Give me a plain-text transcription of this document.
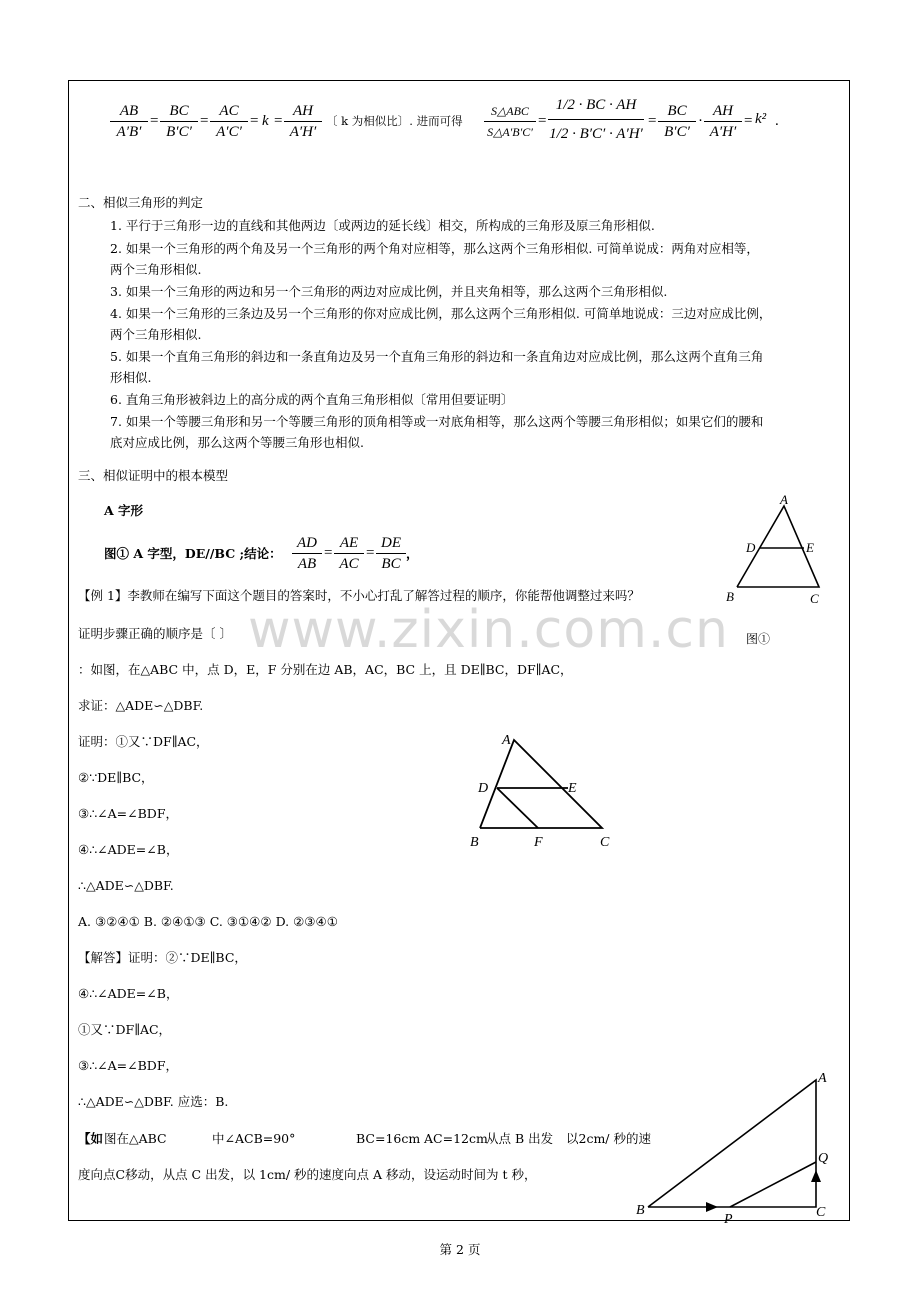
AB
A′B′
=
BC
B′C′
=
AC
A′C′
= k =
AH
A′H′
〔 k 为相似比〕. 进而可得
S△ABC
S△A′B′C′
=
1/2 · BC · AH
1/2 · B′C′ · A′H′
=
BC
B′C′
·
AH
A′H′
= k² .
二、相似三角形的判定
1. 平行于三角形一边的直线和其他两边〔或两边的延长线〕相交，所构成的三角形及原三角形相似.
2. 如果一个三角形的两个角及另一个三角形的两个角对应相等，那么这两个三角形相似. 可简单说成：两角对应相等，
两个三角形相似.
3. 如果一个三角形的两边和另一个三角形的两边对应成比例，并且夹角相等，那么这两个三角形相似.
4. 如果一个三角形的三条边及另一个三角形的你对应成比例，那么这两个三角形相似. 可简单地说成：三边对应成比例，
两个三角形相似.
5. 如果一个直角三角形的斜边和一条直角边及另一个直角三角形的斜边和一条直角边对应成比例，那么这两个直角三角
形相似.
6. 直角三角形被斜边上的高分成的两个直角三角形相似〔常用但要证明〕
7. 如果一个等腰三角形和另一个等腰三角形的顶角相等或一对底角相等，那么这两个等腰三角形相似；如果它们的腰和
底对应成比例，那么这两个等腰三角形也相似.
三、相似证明中的根本模型
A 字形
图① A 字型，DE//BC ;结论：
AD
AB
=
AE
AC
=
DE
BC
，
A
D	E
B	C
图①
www.zixin.com.cn
【例 1】李教师在编写下面这个题目的答案时，不小心打乱了解答过程的顺序，你能帮他调整过来吗？
证明步骤正确的顺序是〔 〕
：如图，在△ABC 中，点 D，E，F 分别在边 AB，AC，BC 上，且 DE∥BC，DF∥AC，
求证：△ADE∽△DBF.
证明：①又∵DF∥AC，
②∵DE∥BC，
③∴∠A=∠BDF，
④∴∠ADE=∠B，
∴△ADE∽△DBF.
A. ③②④① B. ②④①③ C. ③①④② D. ②③④①
【解答】证明：②∵DE∥BC，
④∴∠ADE=∠B，
①又∵DF∥AC，
③∴∠A=∠BDF，
∴△ADE∽△DBF. 应选：B.
A
D	E
B	F	C
【如 图在△ABC	中∠ACB=90°	BC=16cm AC=12cm
从点 B 出发 以2cm/ 秒的速
度向点C移动，从点 C 出发，以 1cm/ 秒的速度向点 A 移动，设运动时间为 t 秒，
A
Q
B
P	C
第 2 页
